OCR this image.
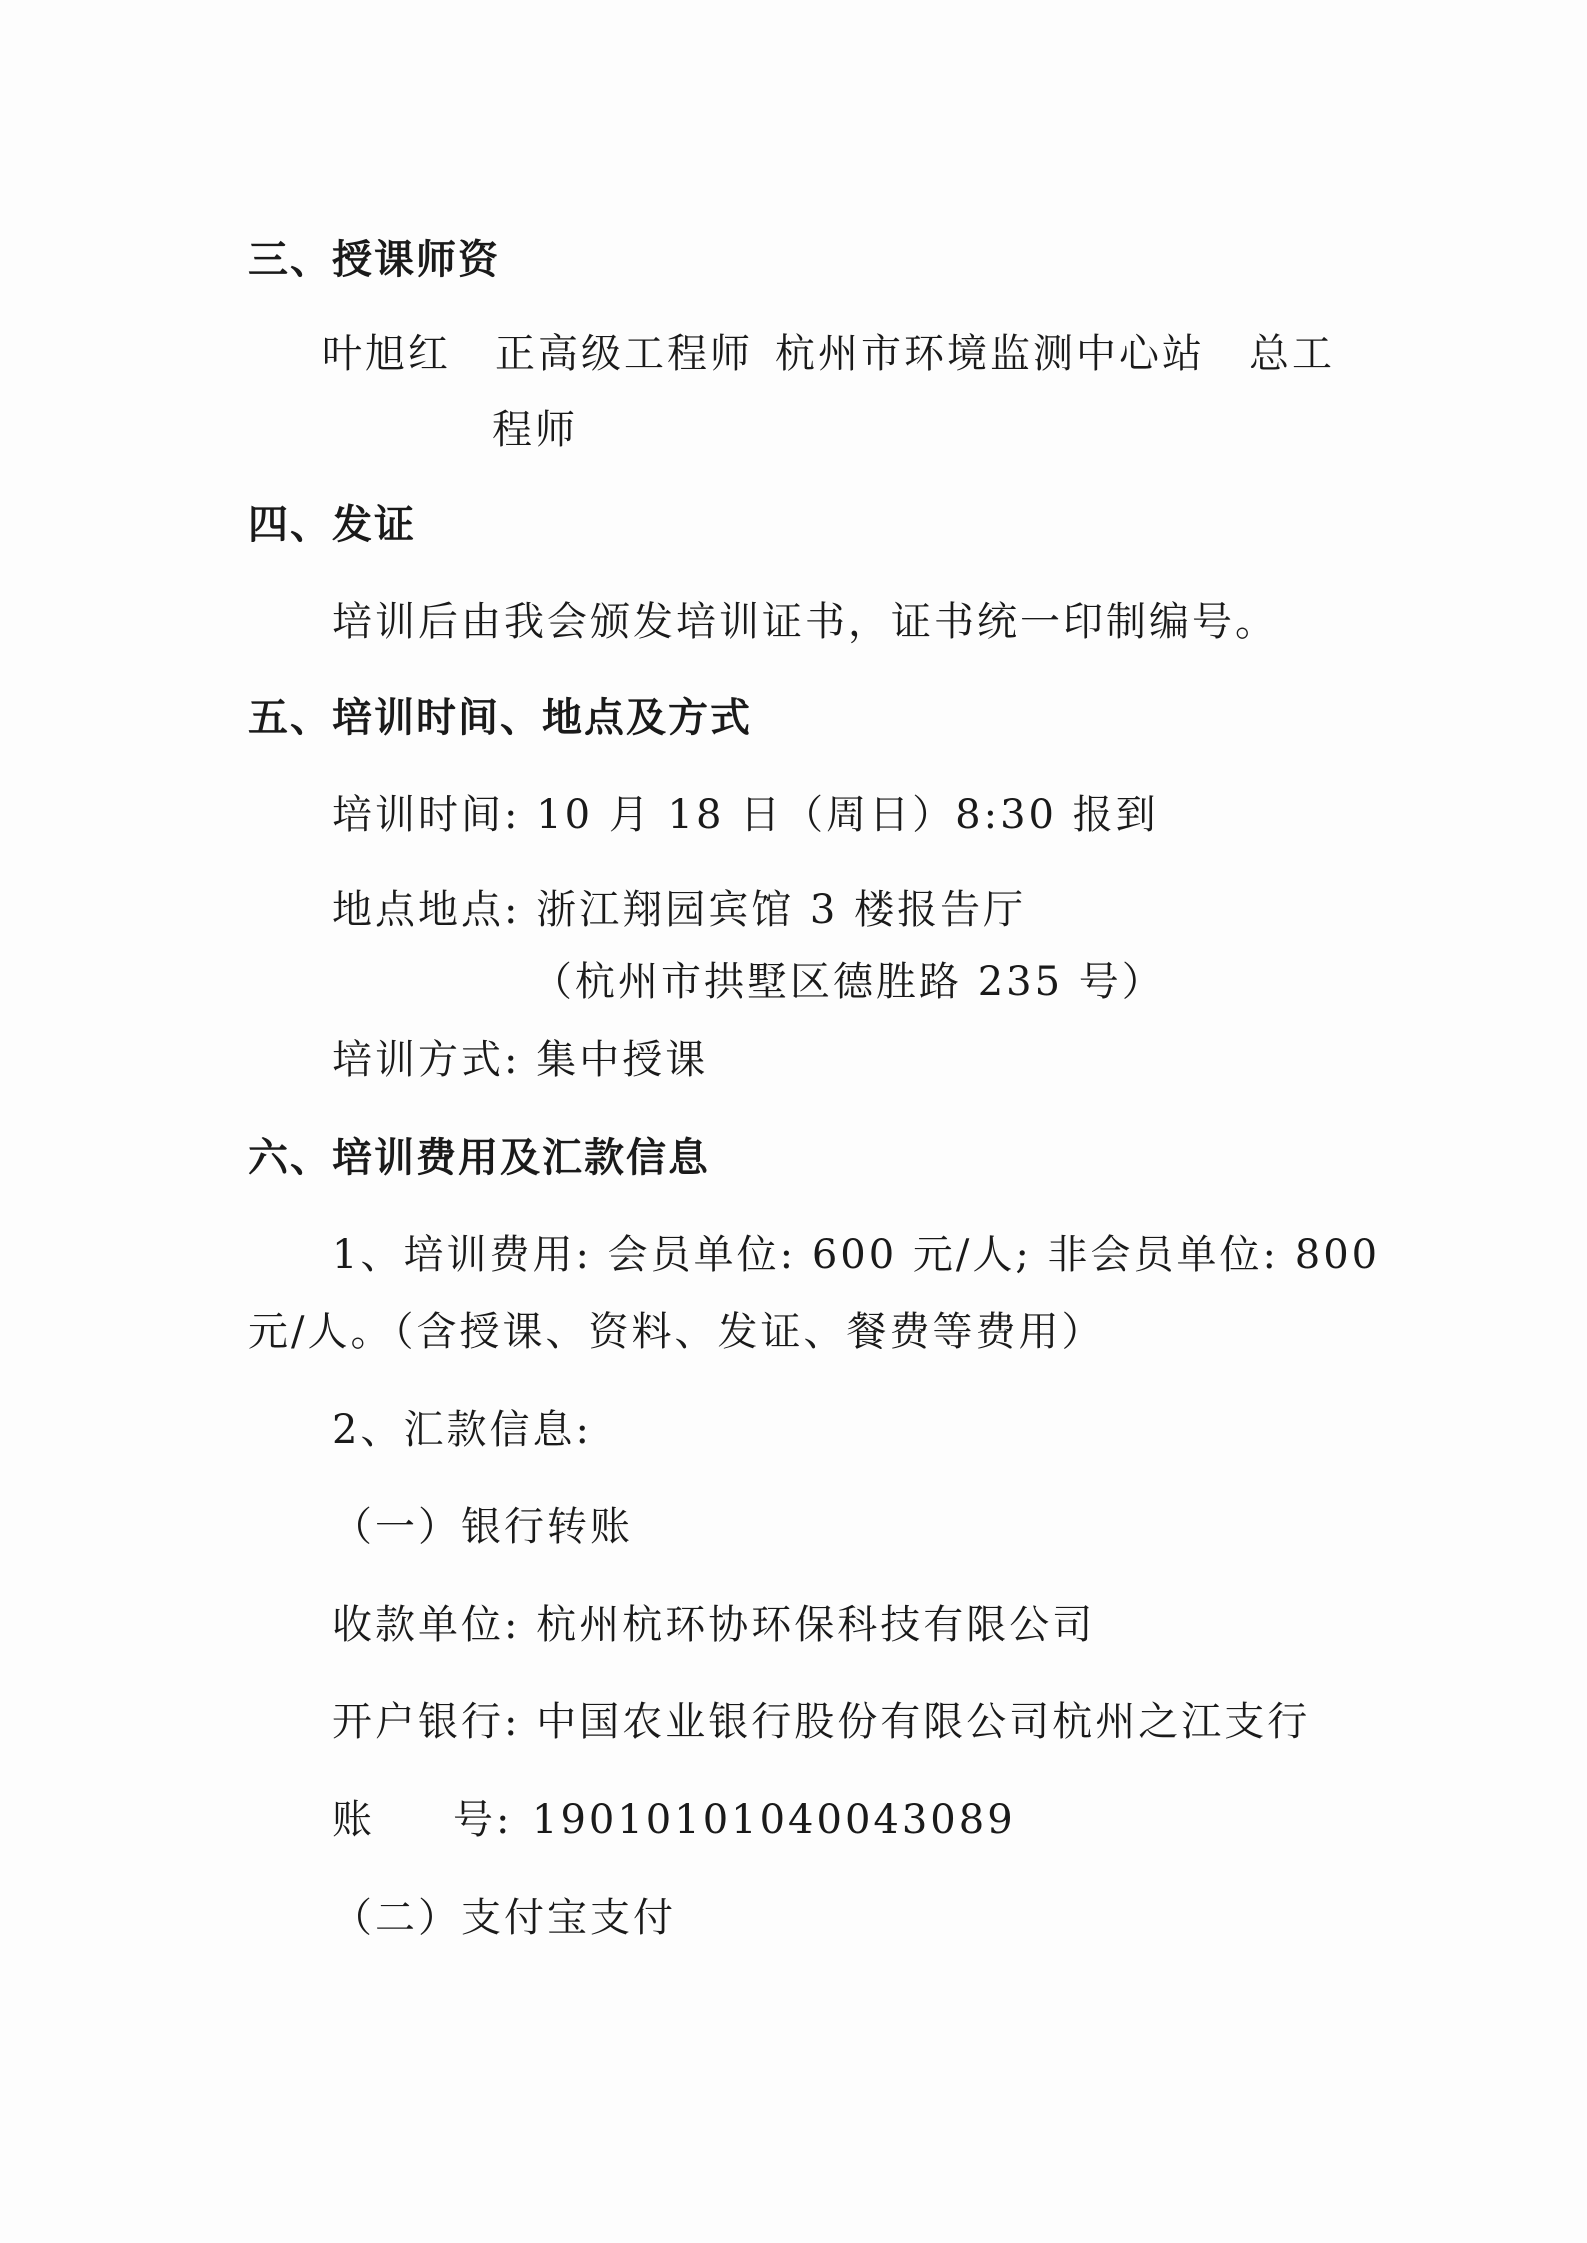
三、授课师资
叶旭红 正高级工程师 杭州市环境监测中心站 总工
程师
四、发证
培训后由我会颁发培训证书，证书统一印制编号。
五、培训时间、地点及方式
培训时间: 10 月 18 日（周日）8:30 报到
地点地点: 浙江翔园宾馆 3 楼报告厅
（杭州市拱墅区德胜路 235 号）
培训方式: 集中授课
六、培训费用及汇款信息
1、培训费用: 会员单位: 600 元/人; 非会员单位: 800
元/人。（含授课、资料、发证、餐费等费用）
2、汇款信息:
（一）银行转账
收款单位: 杭州杭环协环保科技有限公司
开户银行: 中国农业银行股份有限公司杭州之江支行
账 号: 19010101040043089
（二）支付宝支付
